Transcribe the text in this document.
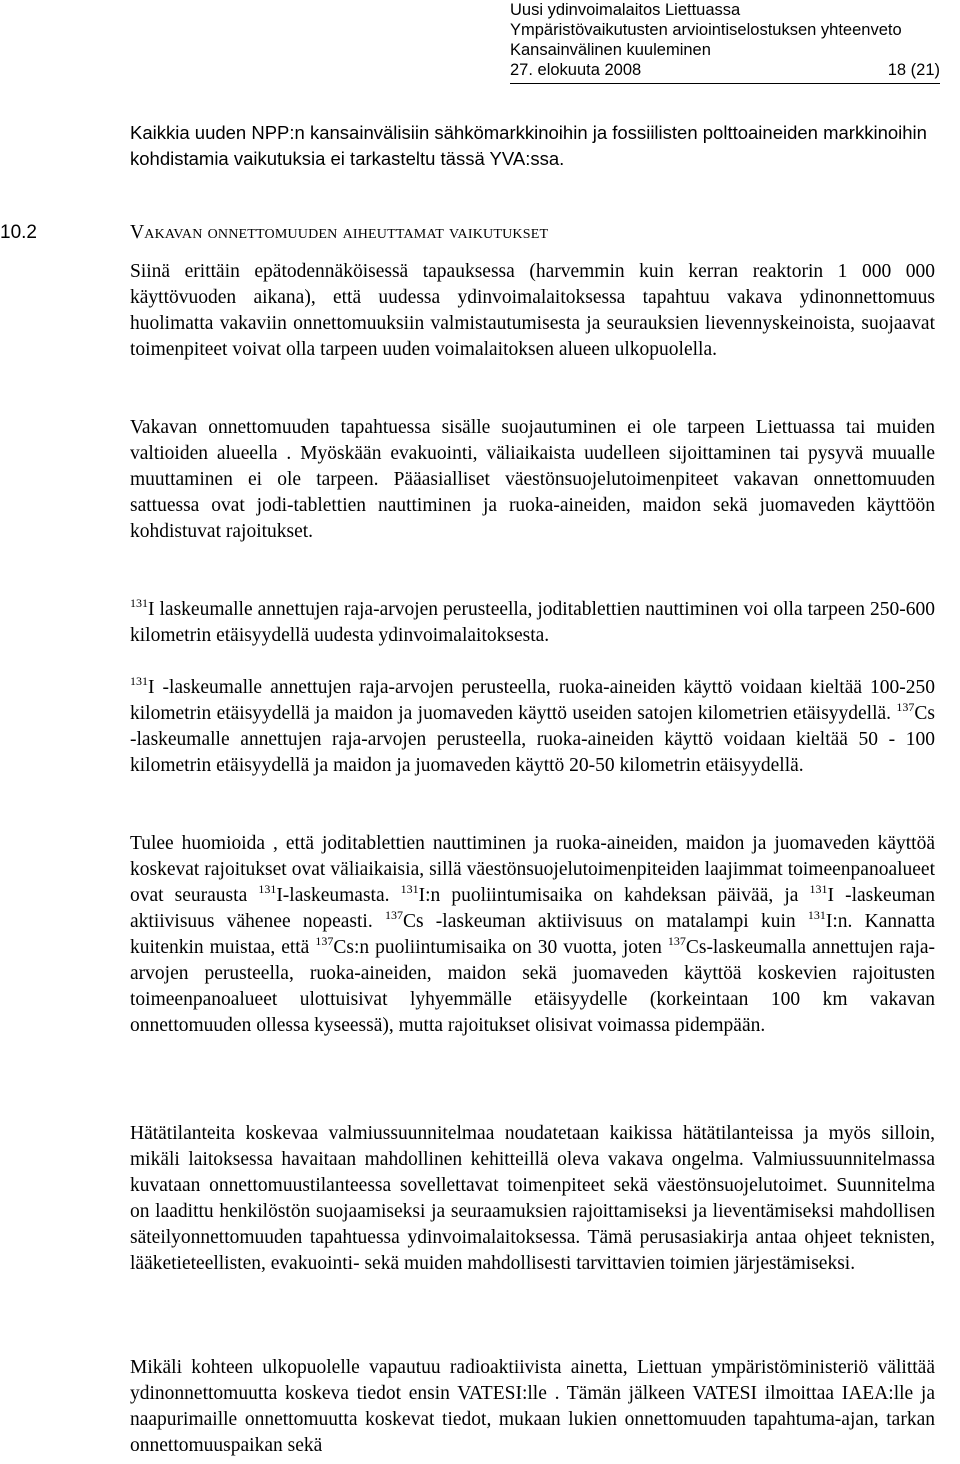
Uusi ydinvoimalaitos Liettuassa
Ympäristövaikutusten arviointiselostuksen yhteenveto
Kansainvälinen kuuleminen
27. elokuuta 2008	18 (21)

Kaikkia uuden NPP:n kansainvälisiin sähkömarkkinoihin ja fossiilisten polttoaineiden markkinoihin kohdistamia vaikutuksia ei tarkasteltu tässä YVA:ssa.

10.2	Vakavan onnettomuuden aiheuttamat vaikutukset

Siinä erittäin epätodennäköisessä tapauksessa (harvemmin kuin kerran reaktorin 1 000 000 käyttövuoden aikana), että uudessa ydinvoimalaitoksessa tapahtuu vakava ydinonnettomuus huolimatta vakaviin onnettomuuksiin valmistautumisesta ja seurauksien lievennyskeinoista, suojaavat toimenpiteet voivat olla tarpeen uuden voimalaitoksen alueen ulkopuolella.

Vakavan onnettomuuden tapahtuessa sisälle suojautuminen ei ole tarpeen Liettuassa tai muiden valtioiden alueella . Myöskään evakuointi, väliaikaista uudelleen sijoittaminen tai pysyvä muualle muuttaminen ei ole tarpeen. Pääasialliset väestönsuojelutoimenpiteet vakavan onnettomuuden sattuessa ovat jodi-tablettien nauttiminen ja ruoka-aineiden, maidon sekä juomaveden käyttöön kohdistuvat rajoitukset.

$^{131}$I laskeumalle annettujen raja-arvojen perusteella, joditablettien nauttiminen voi olla tarpeen 250-600 kilometrin etäisyydellä uudesta ydinvoimalaitoksesta.

$^{131}$I -laskeumalle annettujen raja-arvojen perusteella, ruoka-aineiden käyttö voidaan kieltää 100-250 kilometrin etäisyydellä ja maidon ja juomaveden käyttö useiden satojen kilometrien etäisyydellä. $^{137}$Cs -laskeumalle annettujen raja-arvojen perusteella, ruoka-aineiden käyttö voidaan kieltää 50 - 100 kilometrin etäisyydellä ja maidon ja juomaveden käyttö 20-50 kilometrin etäisyydellä.

Tulee huomioida , että joditablettien nauttiminen ja ruoka-aineiden, maidon ja juomaveden käyttöä koskevat rajoitukset ovat väliaikaisia, sillä väestönsuojelutoimenpiteiden laajimmat toimeenpanoalueet ovat seurausta $^{131}$I-laskeumasta. $^{131}$I:n puoliintumisaika on kahdeksan päivää, ja $^{131}$I -laskeuman aktiivisuus vähenee nopeasti. $^{137}$Cs -laskeuman aktiivisuus on matalampi kuin $^{131}$I:n. Kannatta kuitenkin muistaa, että $^{137}$Cs:n puoliintumisaika on 30 vuotta, joten $^{137}$Cs-laskeumalla annettujen raja-arvojen perusteella, ruoka-aineiden, maidon sekä juomaveden käyttöä koskevien rajoitusten toimeenpanoalueet ulottuisivat lyhyemmälle etäisyydelle (korkeintaan 100 km vakavan onnettomuuden ollessa kyseessä), mutta rajoitukset olisivat voimassa pidempään.

Hätätilanteita koskevaa valmiussuunnitelmaa noudatetaan kaikissa hätätilanteissa ja myös silloin, mikäli laitoksessa havaitaan mahdollinen kehitteillä oleva vakava ongelma. Valmiussuunnitelmassa kuvataan onnettomuustilanteessa sovellettavat toimenpiteet sekä väestönsuojelutoimet. Suunnitelma on laadittu henkilöstön suojaamiseksi ja seuraamuksien rajoittamiseksi ja lieventämiseksi mahdollisen säteilyonnettomuuden tapahtuessa ydinvoimalaitoksessa. Tämä perusasiakirja antaa ohjeet teknisten, lääketieteellisten, evakuointi- sekä muiden mahdollisesti tarvittavien toimien järjestämiseksi.

Mikäli kohteen ulkopuolelle vapautuu radioaktiivista ainetta, Liettuan ympäristöministeriö välittää ydinonnettomuutta koskeva tiedot ensin VATESI:lle . Tämän jälkeen VATESI ilmoittaa IAEA:lle ja naapurimaille onnettomuutta koskevat tiedot, mukaan lukien onnettomuuden tapahtuma-ajan, tarkan onnettomuuspaikan sekä
